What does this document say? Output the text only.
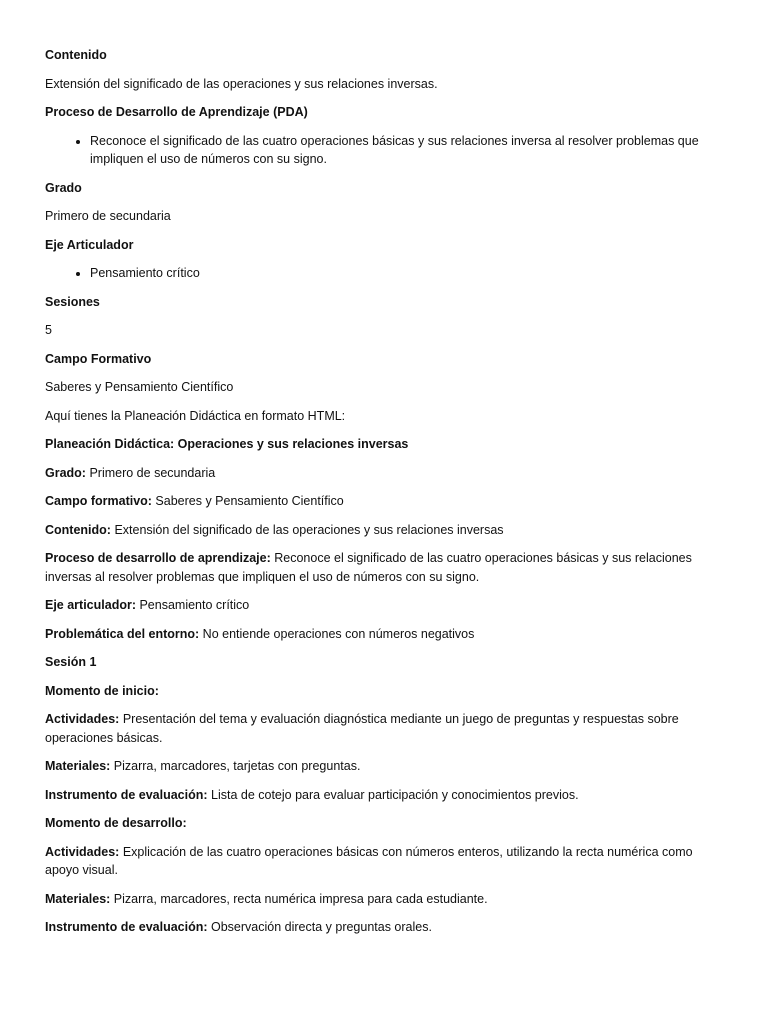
Contenido

Extensión del significado de las operaciones y sus relaciones inversas.

Proceso de Desarrollo de Aprendizaje (PDA)

• Reconoce el significado de las cuatro operaciones básicas y sus relaciones inversa al resolver problemas que impliquen el uso de números con su signo.

Grado

Primero de secundaria

Eje Articulador

• Pensamiento crítico

Sesiones

5

Campo Formativo

Saberes y Pensamiento Científico

Aquí tienes la Planeación Didáctica en formato HTML:

Planeación Didáctica: Operaciones y sus relaciones inversas

Grado: Primero de secundaria

Campo formativo: Saberes y Pensamiento Científico

Contenido: Extensión del significado de las operaciones y sus relaciones inversas

Proceso de desarrollo de aprendizaje: Reconoce el significado de las cuatro operaciones básicas y sus relaciones inversas al resolver problemas que impliquen el uso de números con su signo.

Eje articulador: Pensamiento crítico

Problemática del entorno: No entiende operaciones con números negativos

Sesión 1

Momento de inicio:

Actividades: Presentación del tema y evaluación diagnóstica mediante un juego de preguntas y respuestas sobre operaciones básicas.

Materiales: Pizarra, marcadores, tarjetas con preguntas.

Instrumento de evaluación: Lista de cotejo para evaluar participación y conocimientos previos.

Momento de desarrollo:

Actividades: Explicación de las cuatro operaciones básicas con números enteros, utilizando la recta numérica como apoyo visual.

Materiales: Pizarra, marcadores, recta numérica impresa para cada estudiante.

Instrumento de evaluación: Observación directa y preguntas orales.
